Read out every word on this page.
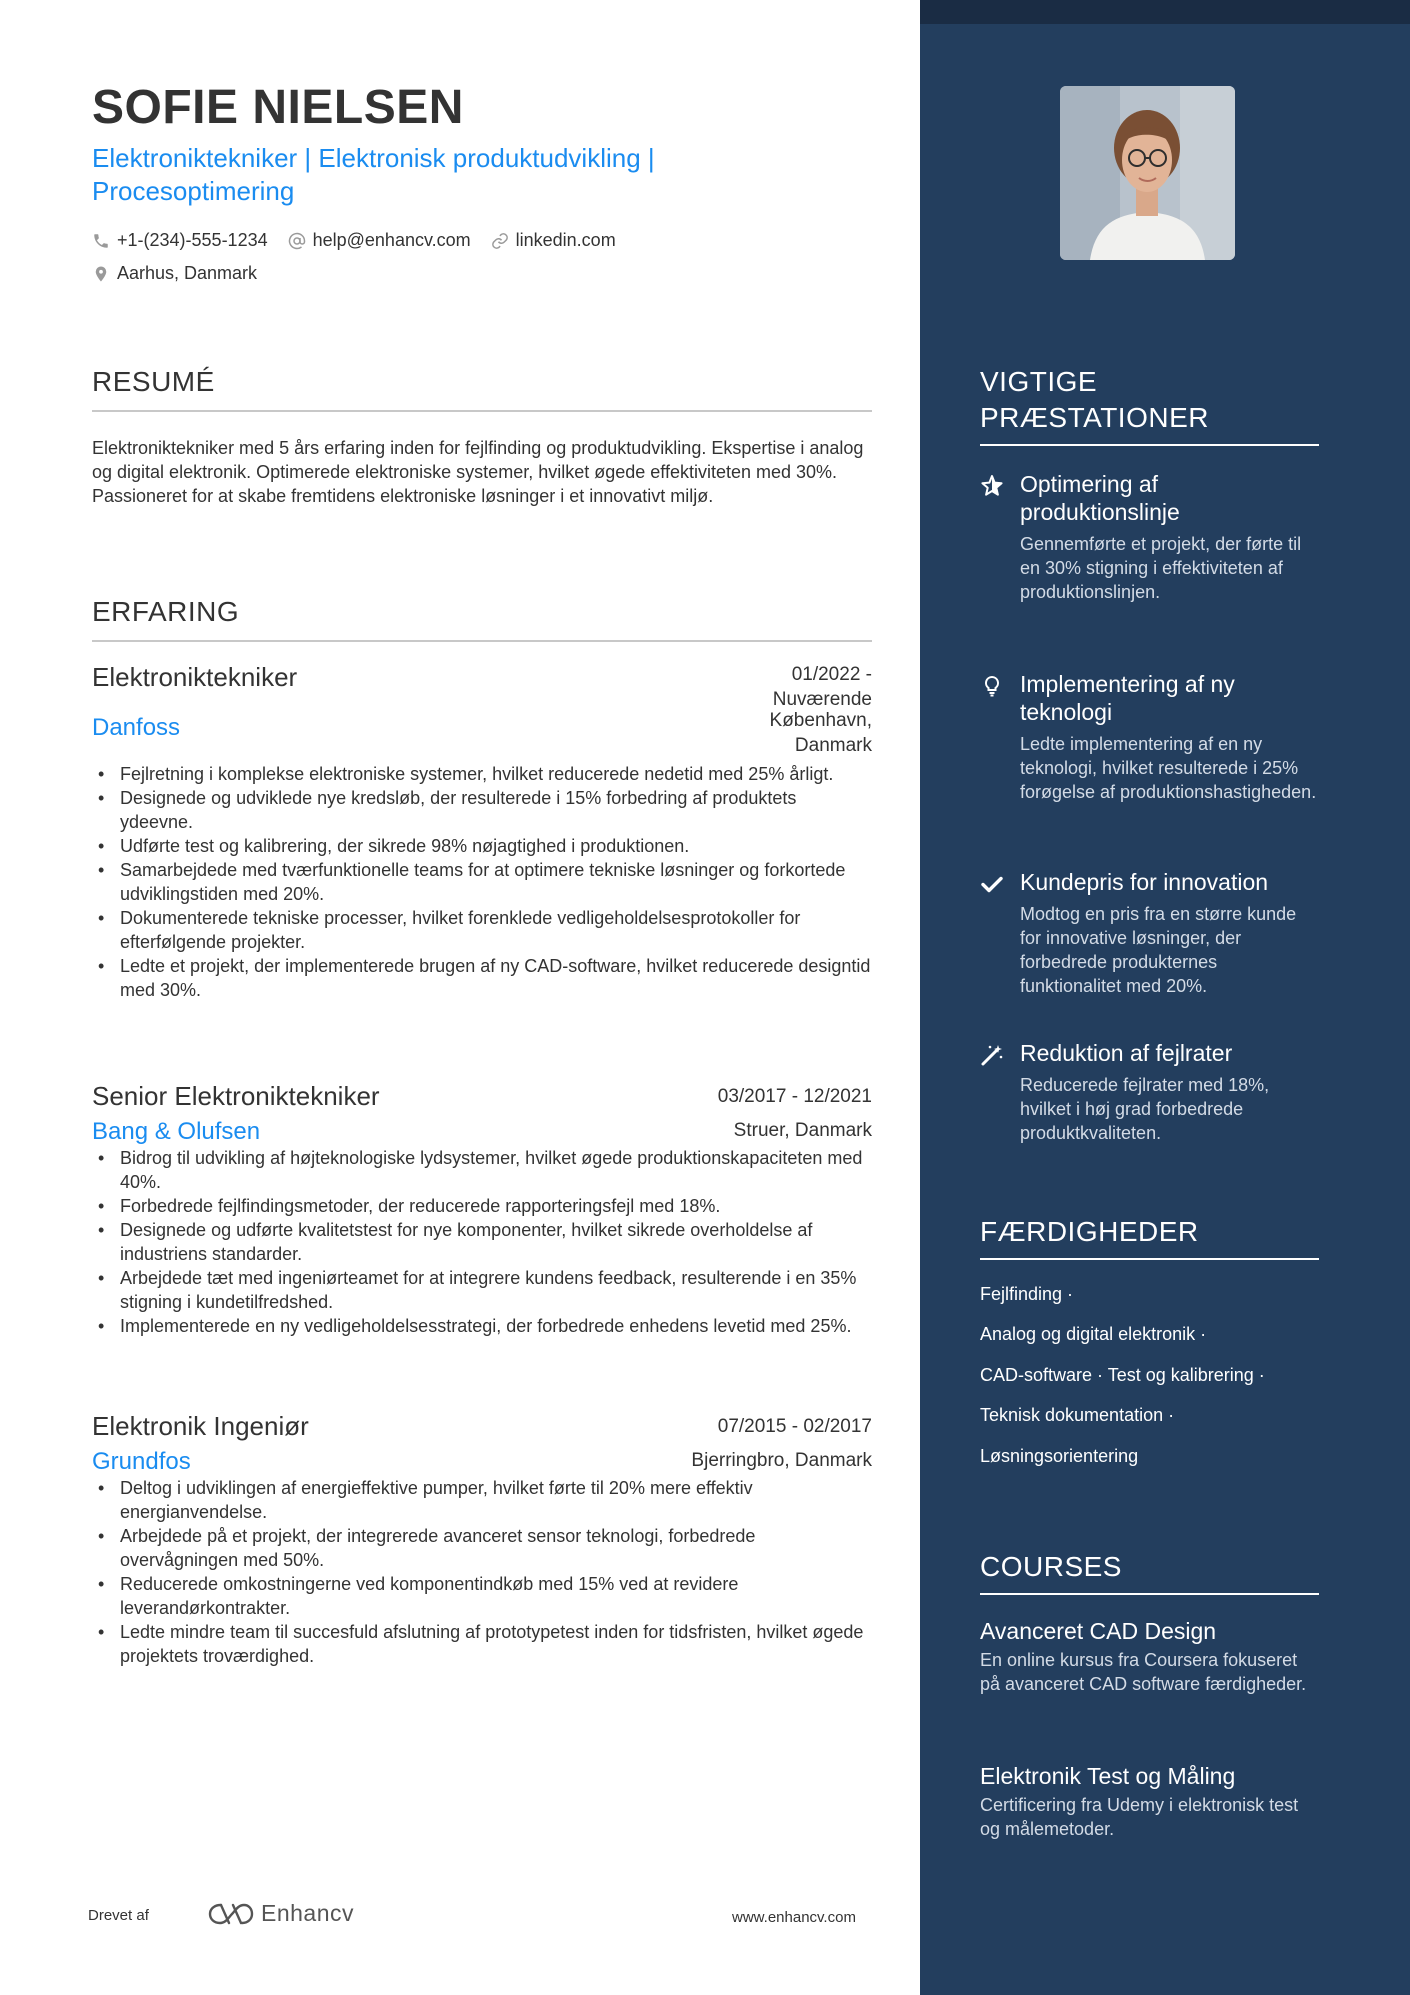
SOFIE NIELSEN
Elektroniktekniker | Elektronisk produktudvikling | Procesoptimering
+1-(234)-555-1234	help@enhancv.com	linkedin.com
Aarhus, Danmark
RESUMÉ
Elektroniktekniker med 5 års erfaring inden for fejlfinding og produktudvikling. Ekspertise i analog og digital elektronik. Optimerede elektroniske systemer, hvilket øgede effektiviteten med 30%. Passioneret for at skabe fremtidens elektroniske løsninger i et innovativt miljø.
ERFARING
Elektroniktekniker	01/2022 -
Nuværende
Danfoss	København,
Danmark
• Fejlretning i komplekse elektroniske systemer, hvilket reducerede nedetid med 25% årligt.
• Designede og udviklede nye kredsløb, der resulterede i 15% forbedring af produktets ydeevne.
• Udførte test og kalibrering, der sikrede 98% nøjagtighed i produktionen.
• Samarbejdede med tværfunktionelle teams for at optimere tekniske løsninger og forkortede udviklingstiden med 20%.
• Dokumenterede tekniske processer, hvilket forenklede vedligeholdelsesprotokoller for efterfølgende projekter.
• Ledte et projekt, der implementerede brugen af ny CAD-software, hvilket reducerede designtid med 30%.
Senior Elektroniktekniker	03/2017 - 12/2021
Bang & Olufsen	Struer, Danmark
• Bidrog til udvikling af højteknologiske lydsystemer, hvilket øgede produktionskapaciteten med 40%.
• Forbedrede fejlfindingsmetoder, der reducerede rapporteringsfejl med 18%.
• Designede og udførte kvalitetstest for nye komponenter, hvilket sikrede overholdelse af industriens standarder.
• Arbejdede tæt med ingeniørteamet for at integrere kundens feedback, resulterende i en 35% stigning i kundetilfredshed.
• Implementerede en ny vedligeholdelsesstrategi, der forbedrede enhedens levetid med 25%.
Elektronik Ingeniør	07/2015 - 02/2017
Grundfos	Bjerringbro, Danmark
• Deltog i udviklingen af energieffektive pumper, hvilket førte til 20% mere effektiv energianvendelse.
• Arbejdede på et projekt, der integrerede avanceret sensor teknologi, forbedrede overvågningen med 50%.
• Reducerede omkostningerne ved komponentindkøb med 15% ved at revidere leverandørkontrakter.
• Ledte mindre team til succesfuld afslutning af prototypetest inden for tidsfristen, hvilket øgede projektets troværdighed.
Drevet af	Enhancv	www.enhancv.com
VIGTIGE
PRÆSTATIONER
Optimering af produktionslinje
Gennemførte et projekt, der førte til en 30% stigning i effektiviteten af produktionslinjen.
Implementering af ny teknologi
Ledte implementering af en ny teknologi, hvilket resulterede i 25% forøgelse af produktionshastigheden.
Kundepris for innovation
Modtog en pris fra en større kunde for innovative løsninger, der forbedrede produkternes funktionalitet med 20%.
Reduktion af fejlrater
Reducerede fejlrater med 18%, hvilket i høj grad forbedrede produktkvaliteten.
FÆRDIGHEDER
Fejlfinding ·
Analog og digital elektronik ·
CAD-software · Test og kalibrering ·
Teknisk dokumentation ·
Løsningsorientering
COURSES
Avanceret CAD Design
En online kursus fra Coursera fokuseret på avanceret CAD software færdigheder.
Elektronik Test og Måling
Certificering fra Udemy i elektronisk test og målemetoder.
